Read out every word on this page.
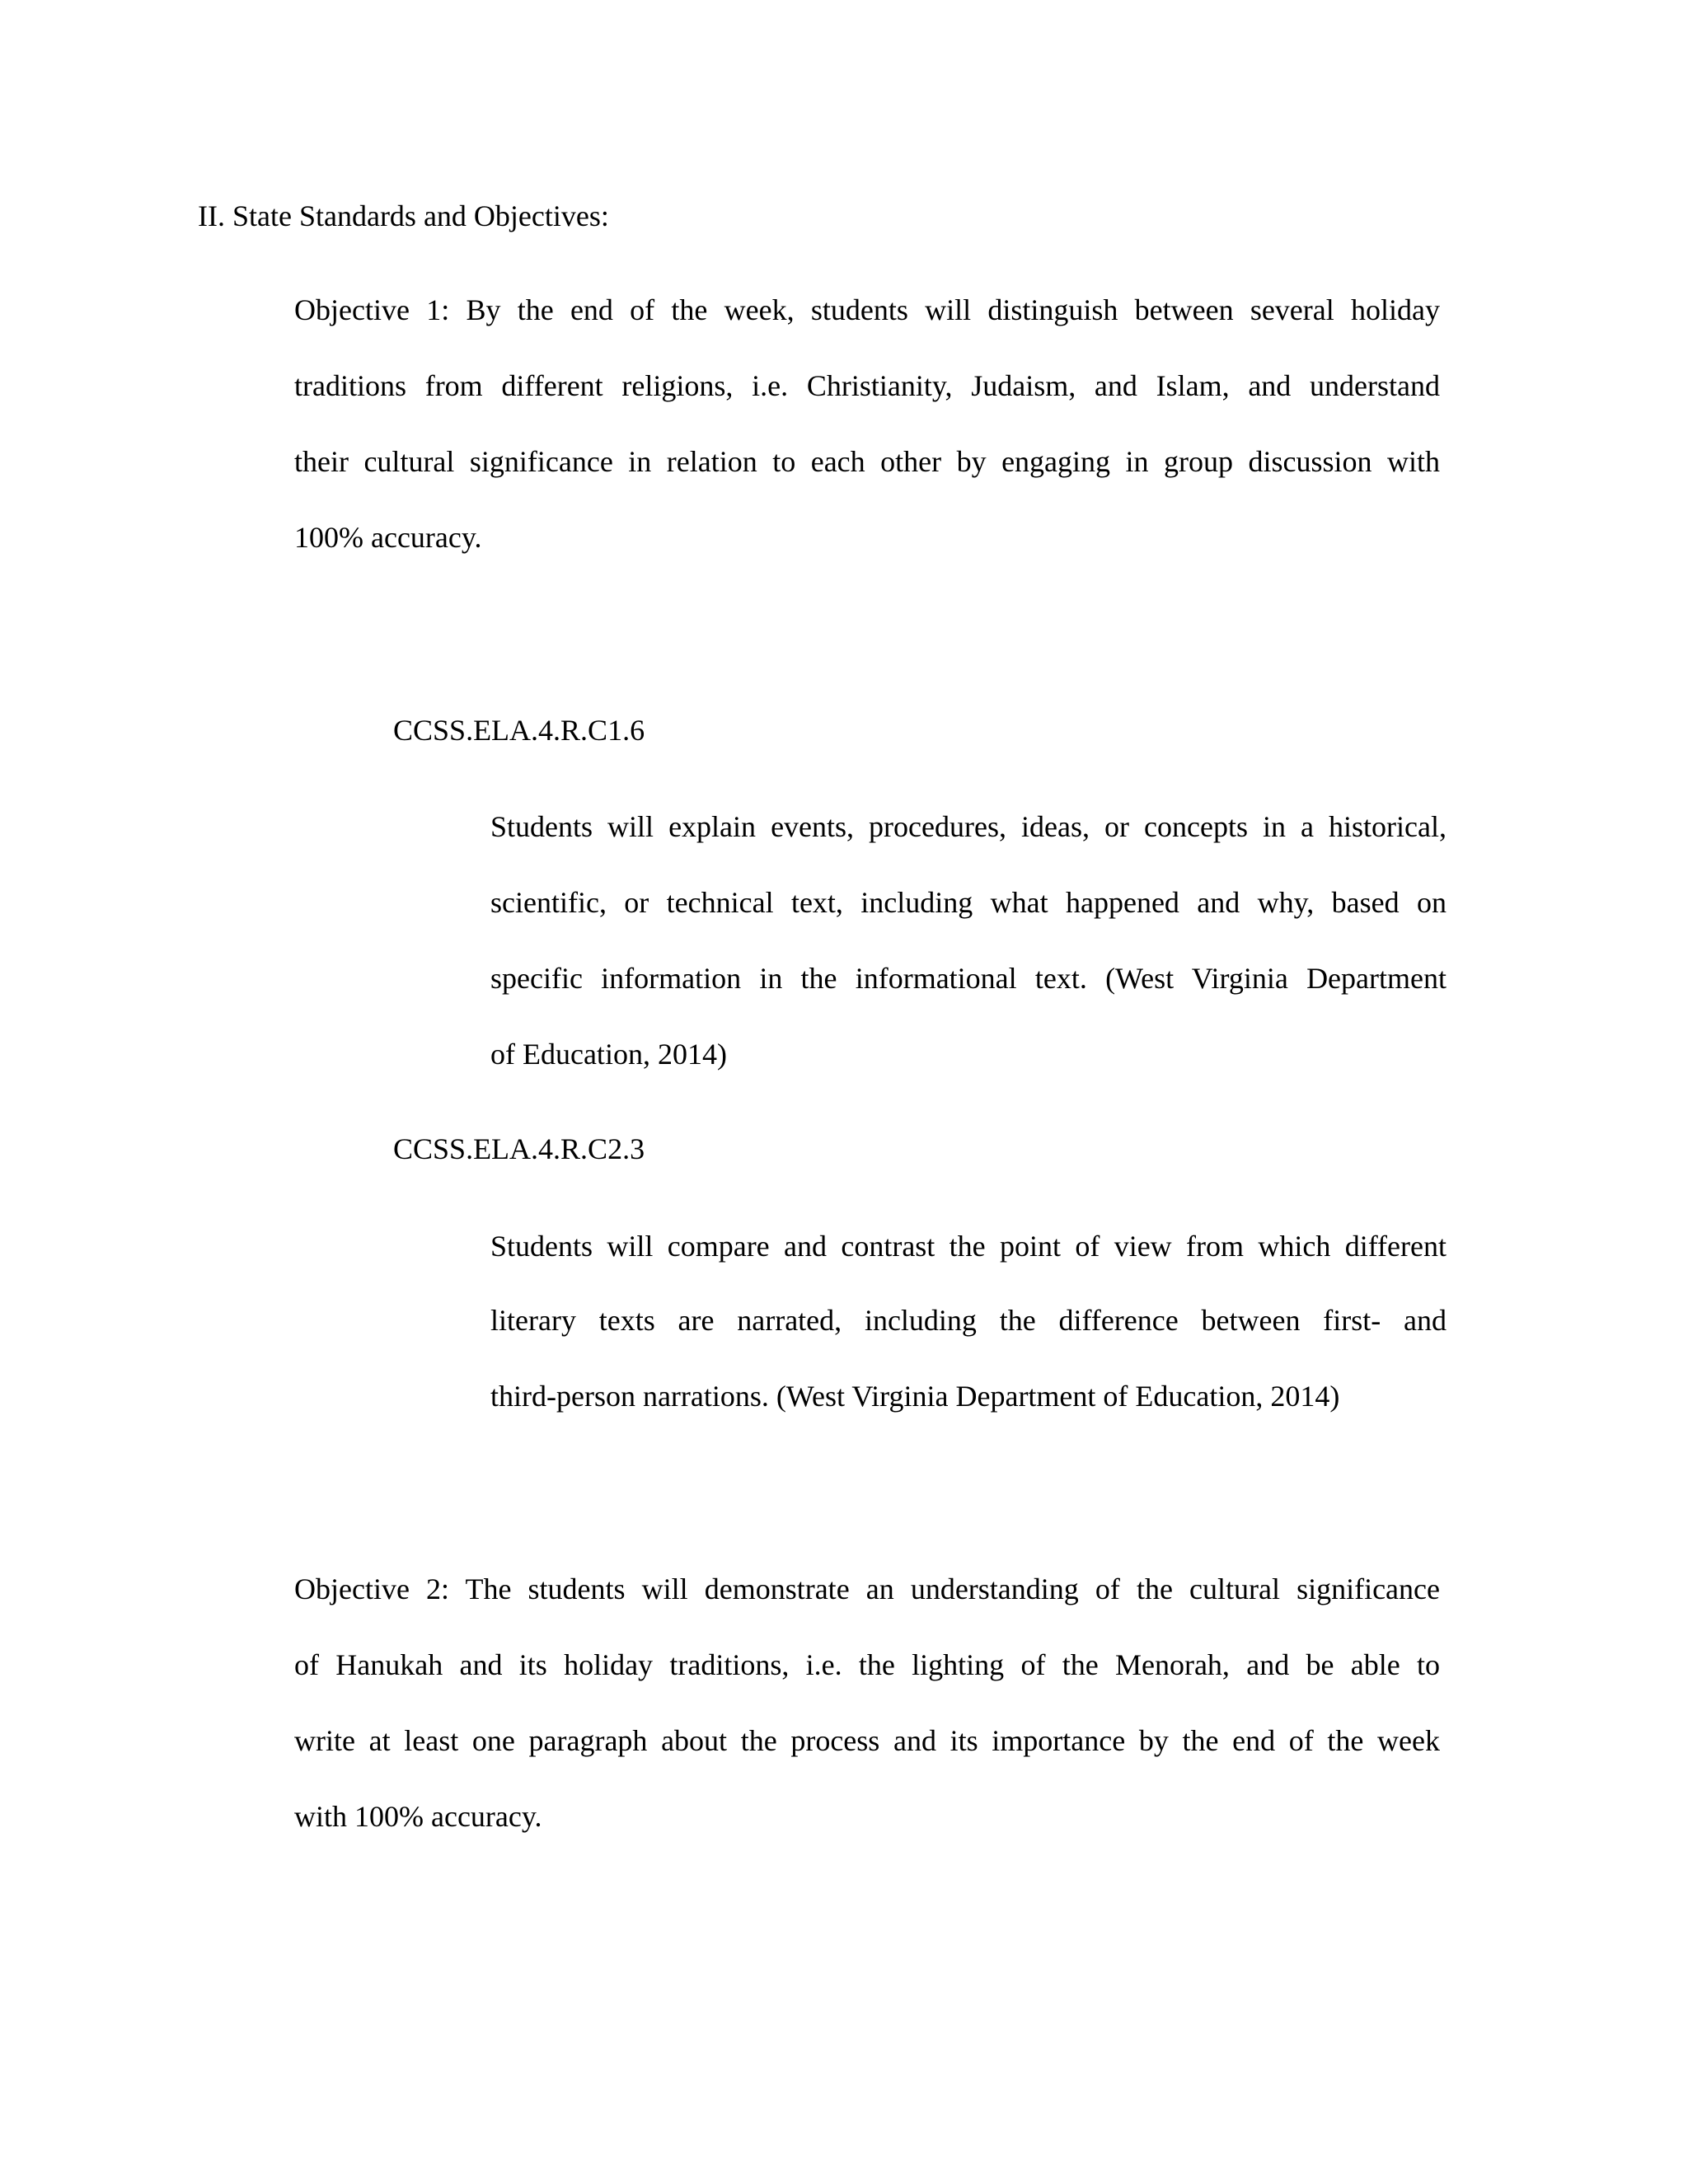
II. State Standards and Objectives:
Objective 1: By the end of the week, students will distinguish between several holiday
traditions from different religions, i.e. Christianity, Judaism, and Islam, and understand
their cultural significance in relation to each other by engaging in group discussion with
100% accuracy.
CCSS.ELA.4.R.C1.6
Students will explain events, procedures, ideas, or concepts in a historical,
scientific, or technical text, including what happened and why, based on
specific information in the informational text. (West Virginia Department
of Education, 2014)
CCSS.ELA.4.R.C2.3
Students will compare and contrast the point of view from which different
literary texts are narrated, including the difference between first- and
third-person narrations. (West Virginia Department of Education, 2014)
Objective 2: The students will demonstrate an understanding of the cultural significance
of Hanukah and its holiday traditions, i.e. the lighting of the Menorah, and be able to
write at least one paragraph about the process and its importance by the end of the week
with 100% accuracy.
